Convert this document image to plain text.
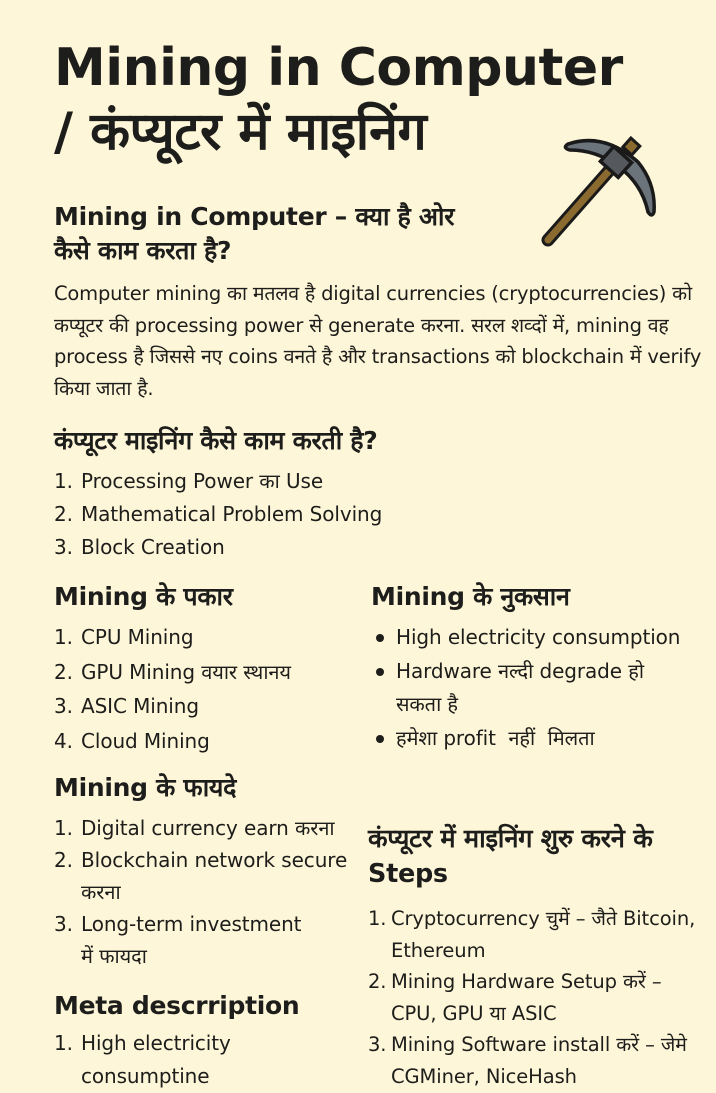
Mining in Computer / कंप्यूटर में माइनिंग
Mining in Computer – क्या है ओर कैसे काम करता है?

Computer mining का मतलव है digital currencies (cryptocurrencies) को कप्यूटर की processing power से generate करना. सरल शव्दों में, mining वह process है जिससे नए coins वनते है और transactions को blockchain में verify किया जाता है.

कंप्यूटर माइनिंग कैसे काम करती है?
1. Processing Power का Use
2. Mathematical Problem Solving
3. Block Creation
Mining के पकार
1. CPU Mining
2. GPU Mining वयार स्थानय
3. ASIC Mining
4. Cloud Mining
Mining के नुकसान
High electricity consumption
Hardware नल्दी degrade हो सकता है
हमेशा profit  नहीं  मिलता
Mining के फायदे
1. Digital currency earn करना
2. Blockchain network secure करना
3. Long-term investment में फायदा
कंप्यूटर में माइनिंग शुरु करने के Steps
1. Cryptocurrency चुमें – जैते Bitcoin, Ethereum
2. Mining Hardware Setup करें – CPU, GPU या ASIC
3. Mining Software install करें – जेमे CGMiner, NiceHash
Meta descrription
1. High electricity consumptine
